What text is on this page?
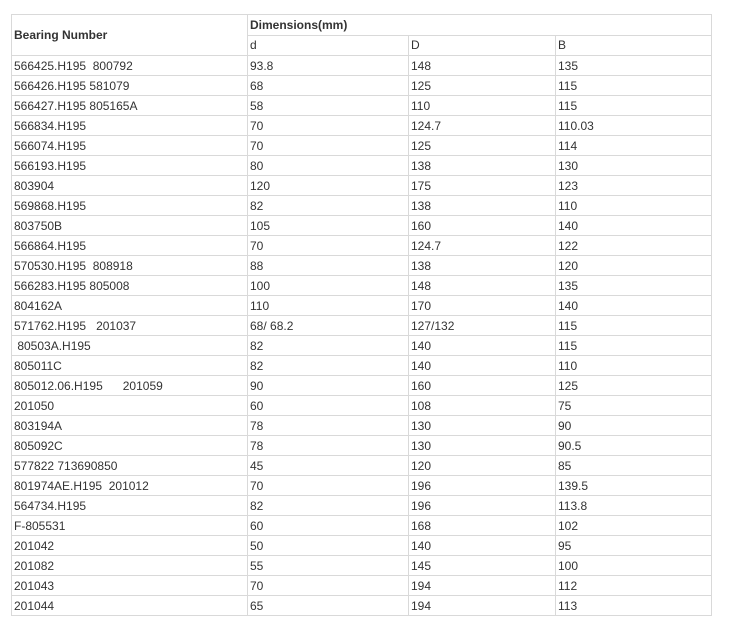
Bearing Number	Dimensions(mm)		
	d	D	B
566425.H195  800792	93.8	148	135
566426.H195 581079	68	125	115
566427.H195 805165A	58	110	115
566834.H195	70	124.7	110.03
566074.H195	70	125	114
566193.H195	80	138	130
803904	120	175	123
569868.H195	82	138	110
803750B	105	160	140
566864.H195	70	124.7	122
570530.H195  808918	88	138	120
566283.H195 805008	100	148	135
804162A	110	170	140
571762.H195   201037	68/ 68.2	127/132	115
80503A.H195	82	140	115
805011C	82	140	110
805012.06.H195      201059	90	160	125
201050	60	108	75
803194A	78	130	90
805092C	78	130	90.5
577822 713690850	45	120	85
801974AE.H195  201012	70	196	139.5
564734.H195	82	196	113.8
F-805531	60	168	102
201042	50	140	95
201082	55	145	100
201043	70	194	112
201044	65	194	113
